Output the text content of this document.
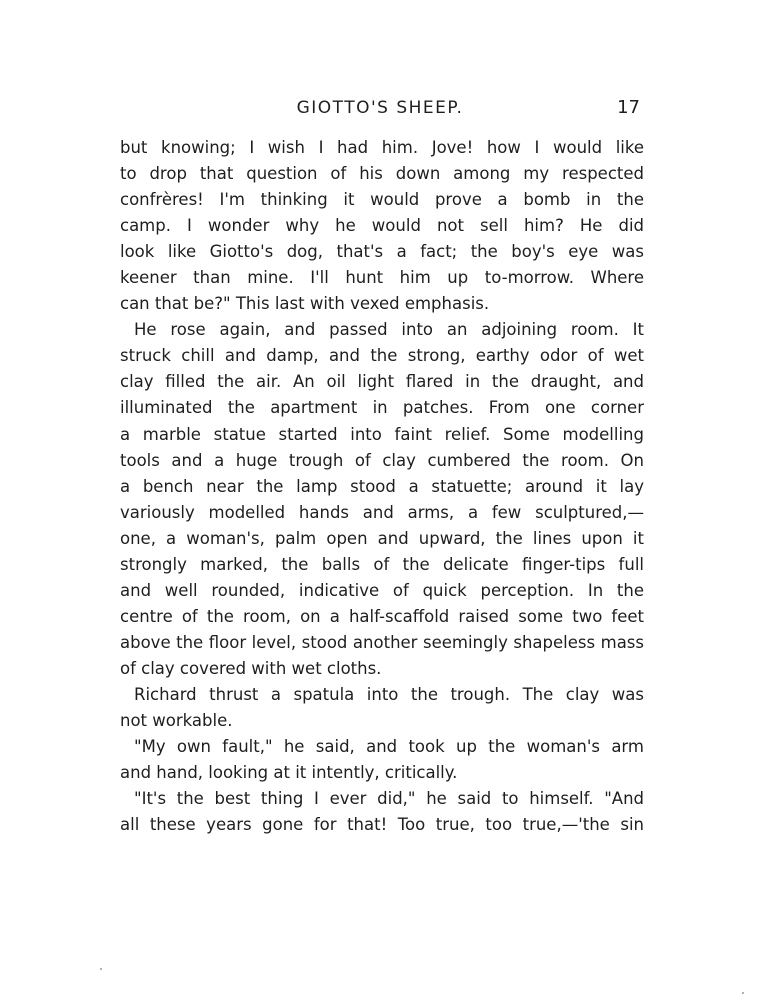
GIOTTO'S SHEEP.	17
but knowing; I wish I had him. Jove! how I would like
to drop that question of his down among my respected
confrères! I'm thinking it would prove a bomb in the
camp. I wonder why he would not sell him? He did
look like Giotto's dog, that's a fact; the boy's eye was
keener than mine. I'll hunt him up to-morrow. Where
can that be?" This last with vexed emphasis.
He rose again, and passed into an adjoining room. It
struck chill and damp, and the strong, earthy odor of wet
clay filled the air. An oil light flared in the draught, and
illuminated the apartment in patches. From one corner
a marble statue started into faint relief. Some modelling
tools and a huge trough of clay cumbered the room. On
a bench near the lamp stood a statuette; around it lay
variously modelled hands and arms, a few sculptured,—
one, a woman's, palm open and upward, the lines upon it
strongly marked, the balls of the delicate finger-tips full
and well rounded, indicative of quick perception. In the
centre of the room, on a half-scaffold raised some two feet
above the floor level, stood another seemingly shapeless mass
of clay covered with wet cloths.
Richard thrust a spatula into the trough. The clay was
not workable.
"My own fault," he said, and took up the woman's arm
and hand, looking at it intently, critically.
"It's the best thing I ever did," he said to himself. "And
all these years gone for that! Too true, too true,—'the sin
